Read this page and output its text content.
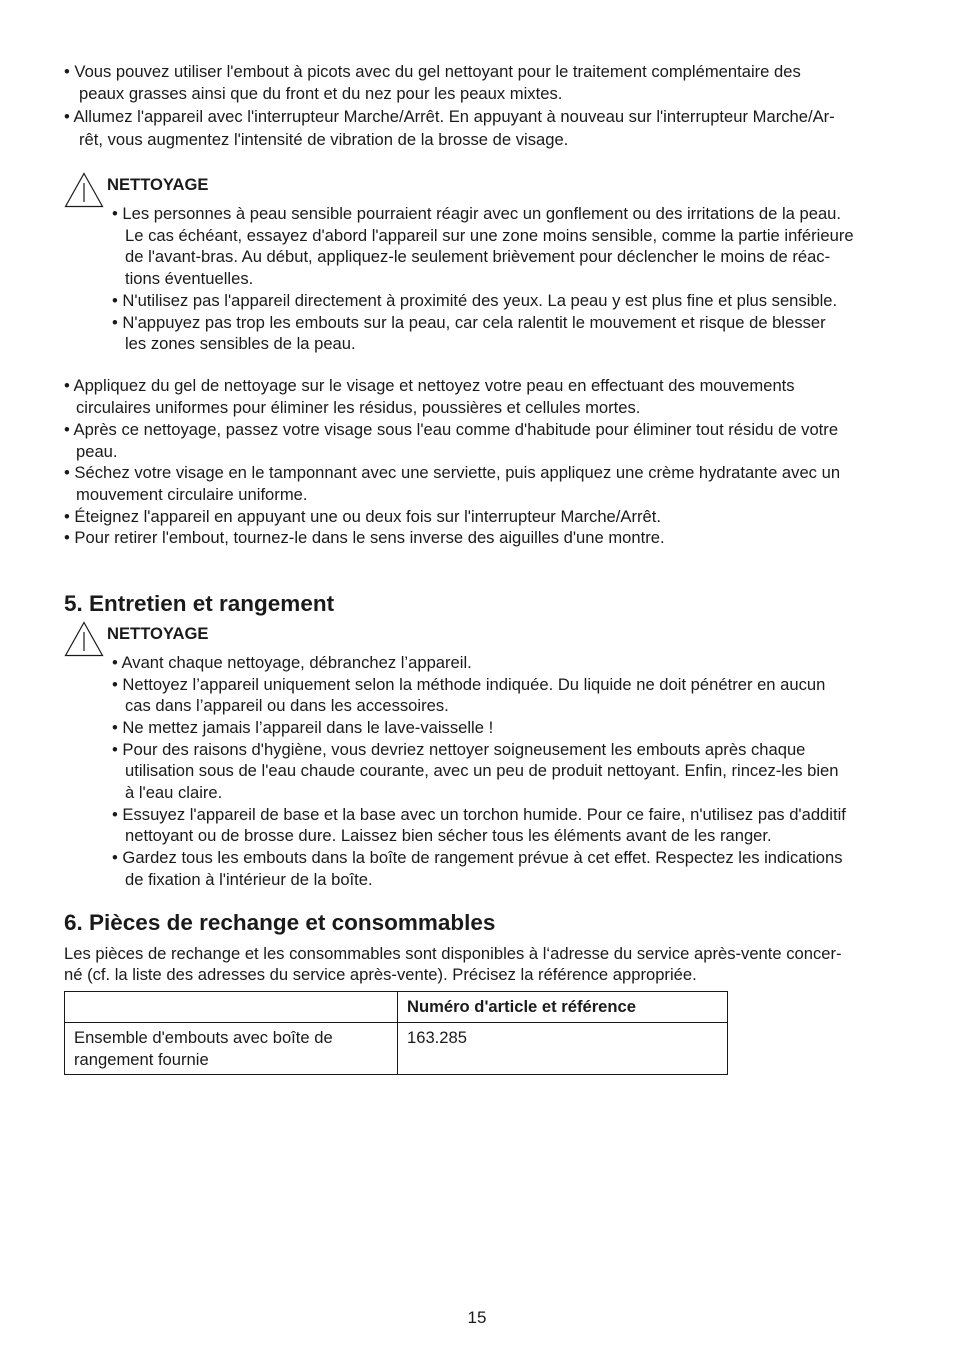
• Vous pouvez utiliser l'embout à picots avec du gel nettoyant pour le traitement complémentaire des
peaux grasses ainsi que du front et du nez pour les peaux mixtes.
• Allumez l'appareil avec l'interrupteur Marche/Arrêt. En appuyant à nouveau sur l'interrupteur Marche/Ar-
rêt, vous augmentez l'intensité de vibration de la brosse de visage.
NETTOYAGE
• Les personnes à peau sensible pourraient réagir avec un gonflement ou des irritations de la peau.
Le cas échéant, essayez d'abord l'appareil sur une zone moins sensible, comme la partie inférieure
de l'avant-bras. Au début, appliquez-le seulement brièvement pour déclencher le moins de réac-
tions éventuelles.
• N'utilisez pas l'appareil directement à proximité des yeux. La peau y est plus fine et plus sensible.
• N'appuyez pas trop les embouts sur la peau, car cela ralentit le mouvement et risque de blesser
les zones sensibles de la peau.
• Appliquez du gel de nettoyage sur le visage et nettoyez votre peau en effectuant des mouvements
circulaires uniformes pour éliminer les résidus, poussières et cellules mortes.
• Après ce nettoyage, passez votre visage sous l'eau comme d'habitude pour éliminer tout résidu de votre
peau.
• Séchez votre visage en le tamponnant avec une serviette, puis appliquez une crème hydratante avec un
mouvement circulaire uniforme.
• Éteignez l'appareil en appuyant une ou deux fois sur l'interrupteur Marche/Arrêt.
• Pour retirer l'embout, tournez-le dans le sens inverse des aiguilles d'une montre.
5. Entretien et rangement
NETTOYAGE
• Avant chaque nettoyage, débranchez l’appareil.
• Nettoyez l’appareil uniquement selon la méthode indiquée. Du liquide ne doit pénétrer en aucun
cas dans l’appareil ou dans les accessoires.
• Ne mettez jamais l’appareil dans le lave-vaisselle !
• Pour des raisons d'hygiène, vous devriez nettoyer soigneusement les embouts après chaque
utilisation sous de l'eau chaude courante, avec un peu de produit nettoyant. Enfin, rincez-les bien
à l'eau claire.
• Essuyez l'appareil de base et la base avec un torchon humide. Pour ce faire, n'utilisez pas d'additif
nettoyant ou de brosse dure. Laissez bien sécher tous les éléments avant de les ranger.
• Gardez tous les embouts dans la boîte de rangement prévue à cet effet. Respectez les indications
de fixation à l'intérieur de la boîte.
6. Pièces de rechange et consommables
Les pièces de rechange et les consommables sont disponibles à l‘adresse du service après-vente concer-
né (cf. la liste des adresses du service après-vente). Précisez la référence appropriée.
	Numéro d'article et référence

Ensemble d'embouts avec boîte de
rangement fournie	163.285
15
